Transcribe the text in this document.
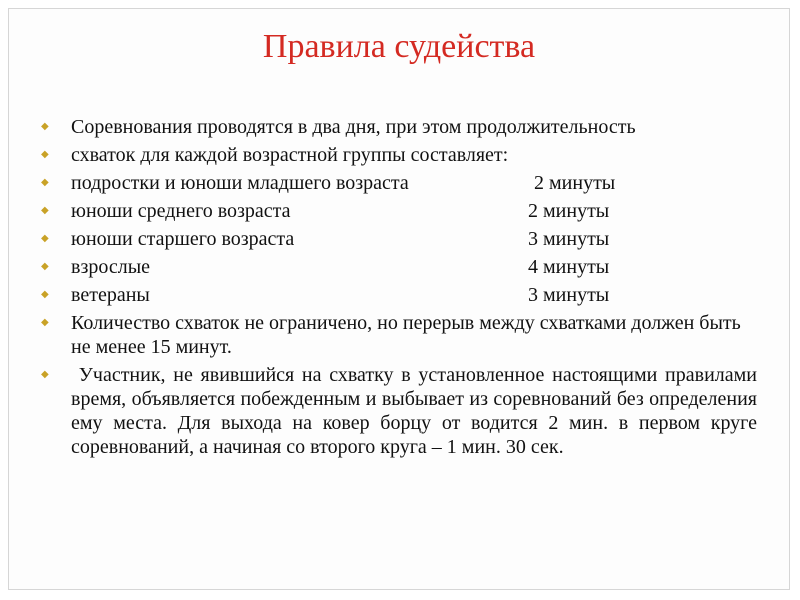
Правила судейства
◆ Соревнования проводятся в два дня, при этом продолжительность
◆ схваток для каждой возрастной группы составляет:
◆ подростки и юноши младшего возраста	2 минуты
◆ юноши среднего возраста	2 минуты
◆ юноши старшего возраста	3 минуты
◆ взрослые	4 минуты
◆ ветераны	3 минуты
◆ Количество схваток не ограничено, но перерыв между схватками должен быть не менее 15 минут.
◆ Участник, не явившийся на схватку в установленное настоящими правилами время, объявляется побежденным и выбывает из соревнований без определения ему места. Для выхода на ковер борцу от водится 2 мин. в первом круге соревнований, а начиная со второго круга – 1 мин. 30 сек.
